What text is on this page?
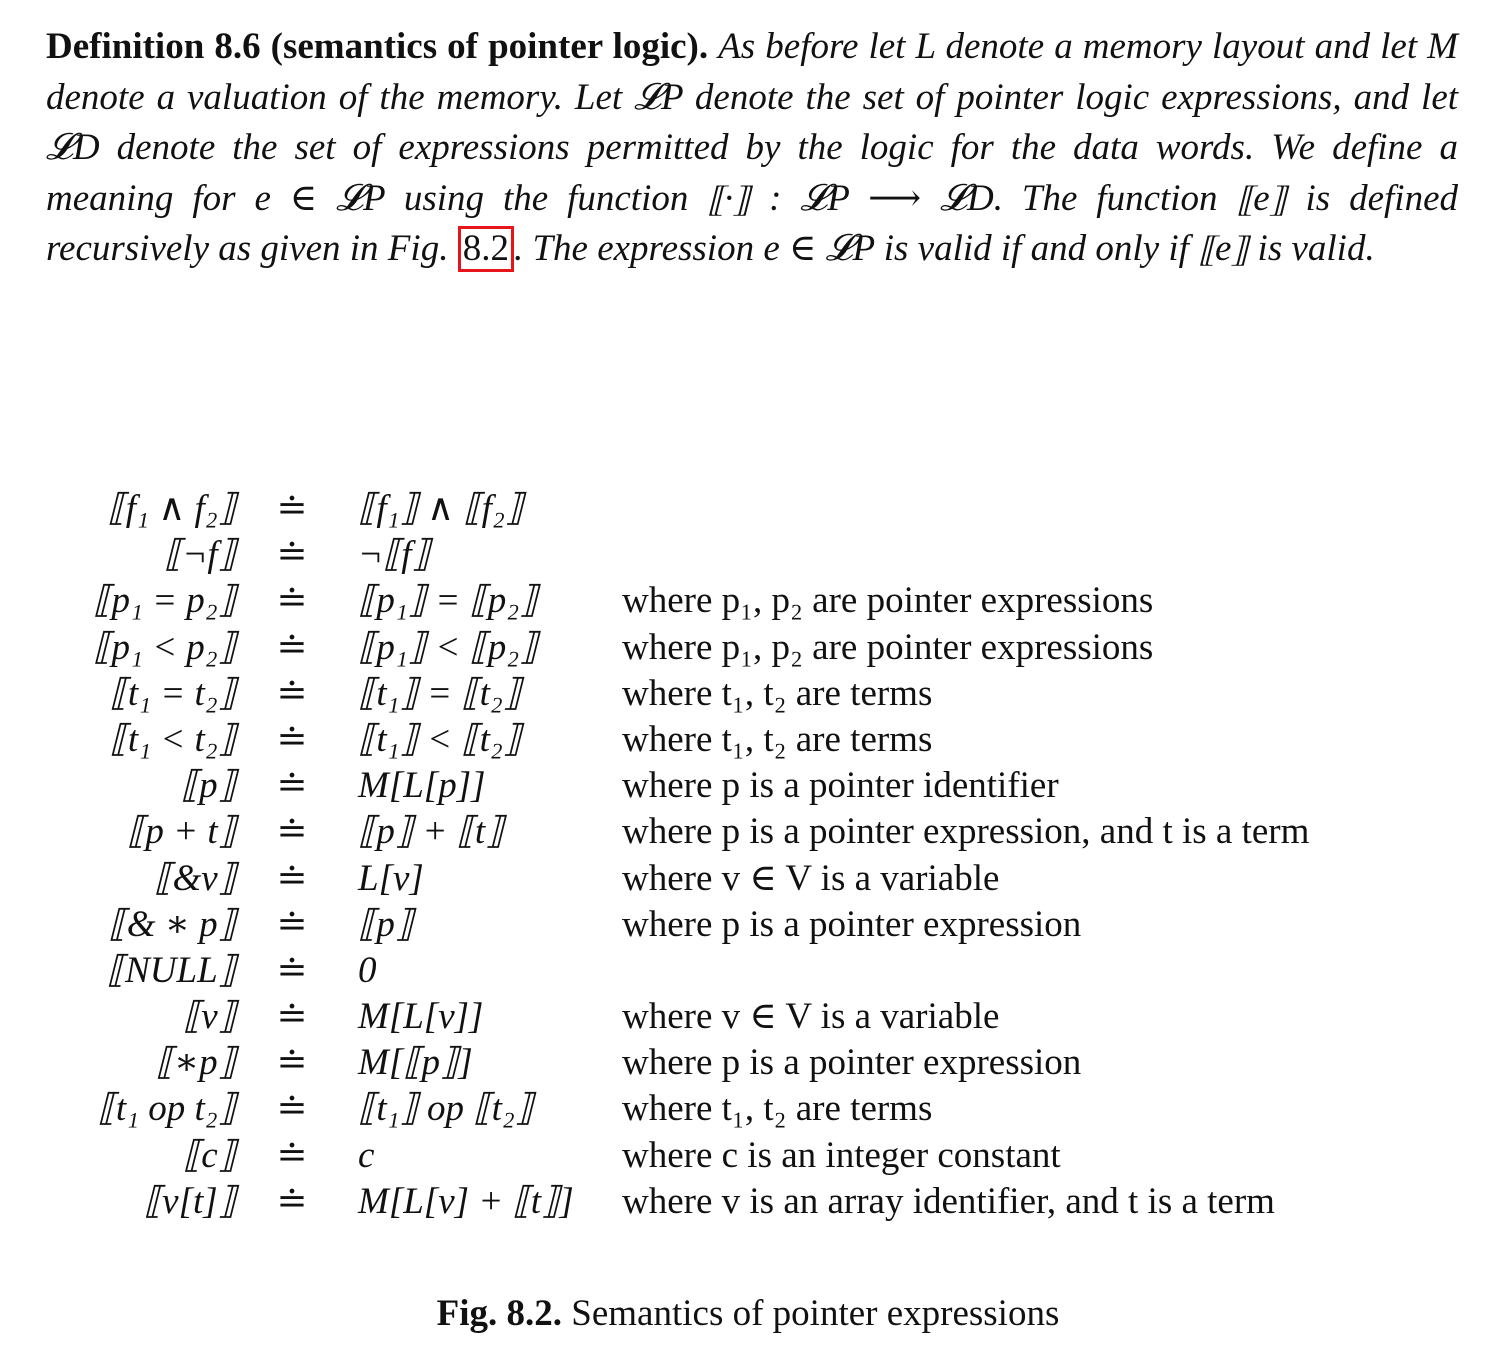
Definition 8.6 (semantics of pointer logic). As before let L denote a memory layout and let M denote a valuation of the memory. Let 𝓛P denote the set of pointer logic expressions, and let 𝓛D denote the set of expressions permitted by the logic for the data words. We define a meaning for e ∈ 𝓛P using the function ⟦·⟧ : 𝓛P ⟶ 𝓛D. The function ⟦e⟧ is defined recursively as given in Fig. 8.2 . The expression e ∈ 𝓛P is valid if and only if ⟦e⟧ is valid.
⟦f₁ ∧ f₂⟧ ≐ ⟦f₁⟧ ∧ ⟦f₂⟧
⟦¬f⟧ ≐ ¬⟦f⟧
⟦p₁ = p₂⟧ ≐ ⟦p₁⟧ = ⟦p₂⟧ where p₁, p₂ are pointer expressions
⟦p₁ < p₂⟧ ≐ ⟦p₁⟧ < ⟦p₂⟧ where p₁, p₂ are pointer expressions
⟦t₁ = t₂⟧ ≐ ⟦t₁⟧ = ⟦t₂⟧	where t₁, t₂ are terms
⟦t₁ < t₂⟧ ≐ ⟦t₁⟧ < ⟦t₂⟧	where t₁, t₂ are terms
⟦p⟧ ≐ M[L[p]]	where p is a pointer identifier
⟦p + t⟧ ≐ ⟦p⟧ + ⟦t⟧	where p is a pointer expression, and t is a term
⟦&v⟧ ≐ L[v]	where v ∈ V is a variable
⟦& ∗ p⟧ ≐ ⟦p⟧	where p is a pointer expression
⟦NULL⟧ ≐ 0
⟦v⟧ ≐ M[L[v]]	where v ∈ V is a variable
⟦∗p⟧ ≐ M[⟦p⟧]	where p is a pointer expression
⟦t₁ op t₂⟧ ≐ ⟦t₁⟧ op ⟦t₂⟧ where t₁, t₂ are terms
⟦c⟧ ≐ c	where c is an integer constant
⟦v[t]⟧ ≐ M[L[v] + ⟦t⟧] where v is an array identifier, and t is a term
Fig. 8.2. Semantics of pointer expressions
